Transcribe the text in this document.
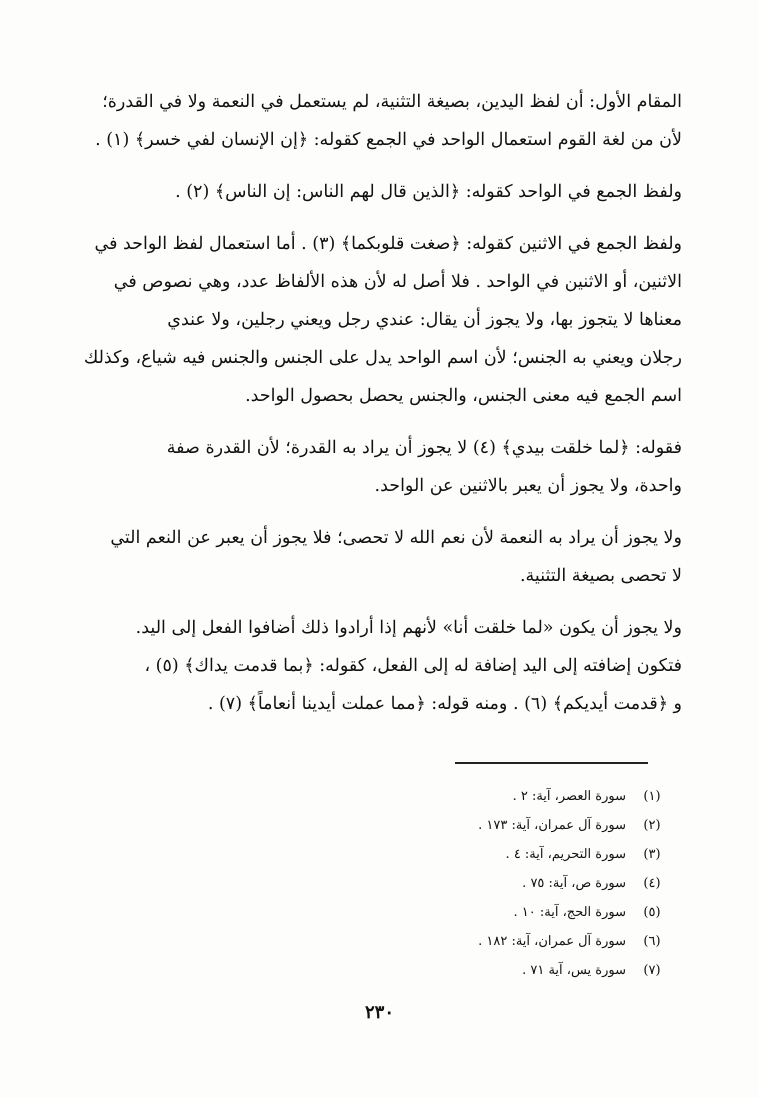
المقام الأول: أن لفظ اليدين، بصيغة التثنية، لم يستعمل في النعمة ولا في القدرة؛

لأن من لغة القوم استعمال الواحد في الجمع كقوله: ﴿إن الإنسان لفي خسر﴾ (١) .

ولفظ الجمع في الواحد كقوله: ﴿الذين قال لهم الناس: إن الناس﴾ (٢) .

ولفظ الجمع في الاثنين كقوله: ﴿صغت قلوبكما﴾ (٣) . أما استعمال لفظ الواحد في

الاثنين، أو الاثنين في الواحد . فلا أصل له لأن هذه الألفاظ عدد، وهي نصوص في

معناها لا يتجوز بها، ولا يجوز أن يقال: عندي رجل ويعني رجلين، ولا عندي

رجلان ويعني به الجنس؛ لأن اسم الواحد يدل على الجنس والجنس فيه شياع، وكذلك

اسم الجمع فيه معنى الجنس، والجنس يحصل بحصول الواحد.

فقوله: ﴿لما خلقت بيدي﴾ (٤) لا يجوز أن يراد به القدرة؛ لأن القدرة صفة

واحدة، ولا يجوز أن يعبر بالاثنين عن الواحد.

ولا يجوز أن يراد به النعمة لأن نعم الله لا تحصى؛ فلا يجوز أن يعبر عن النعم التي

لا تحصى بصيغة التثنية.

ولا يجوز أن يكون «لما خلقت أنا» لأنهم إذا أرادوا ذلك أضافوا الفعل إلى اليد.

فتكون إضافته إلى اليد إضافة له إلى الفعل، كقوله: ﴿بما قدمت يداك﴾ (٥) ،

و ﴿قدمت أيديكم﴾ (٦) . ومنه قوله: ﴿مما عملت أيدينا أنعاماً﴾ (٧) .

(١)
سورة العصر، آية: ٢ .
(٢)
سورة آل عمران، آية: ١٧٣ .
(٣)
سورة التحريم، آية: ٤ .
(٤)
سورة ص، آية: ٧٥ .
(٥)
سورة الحج، آية: ١٠ .
(٦)
سورة آل عمران، آية: ١٨٢ .
(٧)
سورة يس، آية ٧١ .
٢٣٠
